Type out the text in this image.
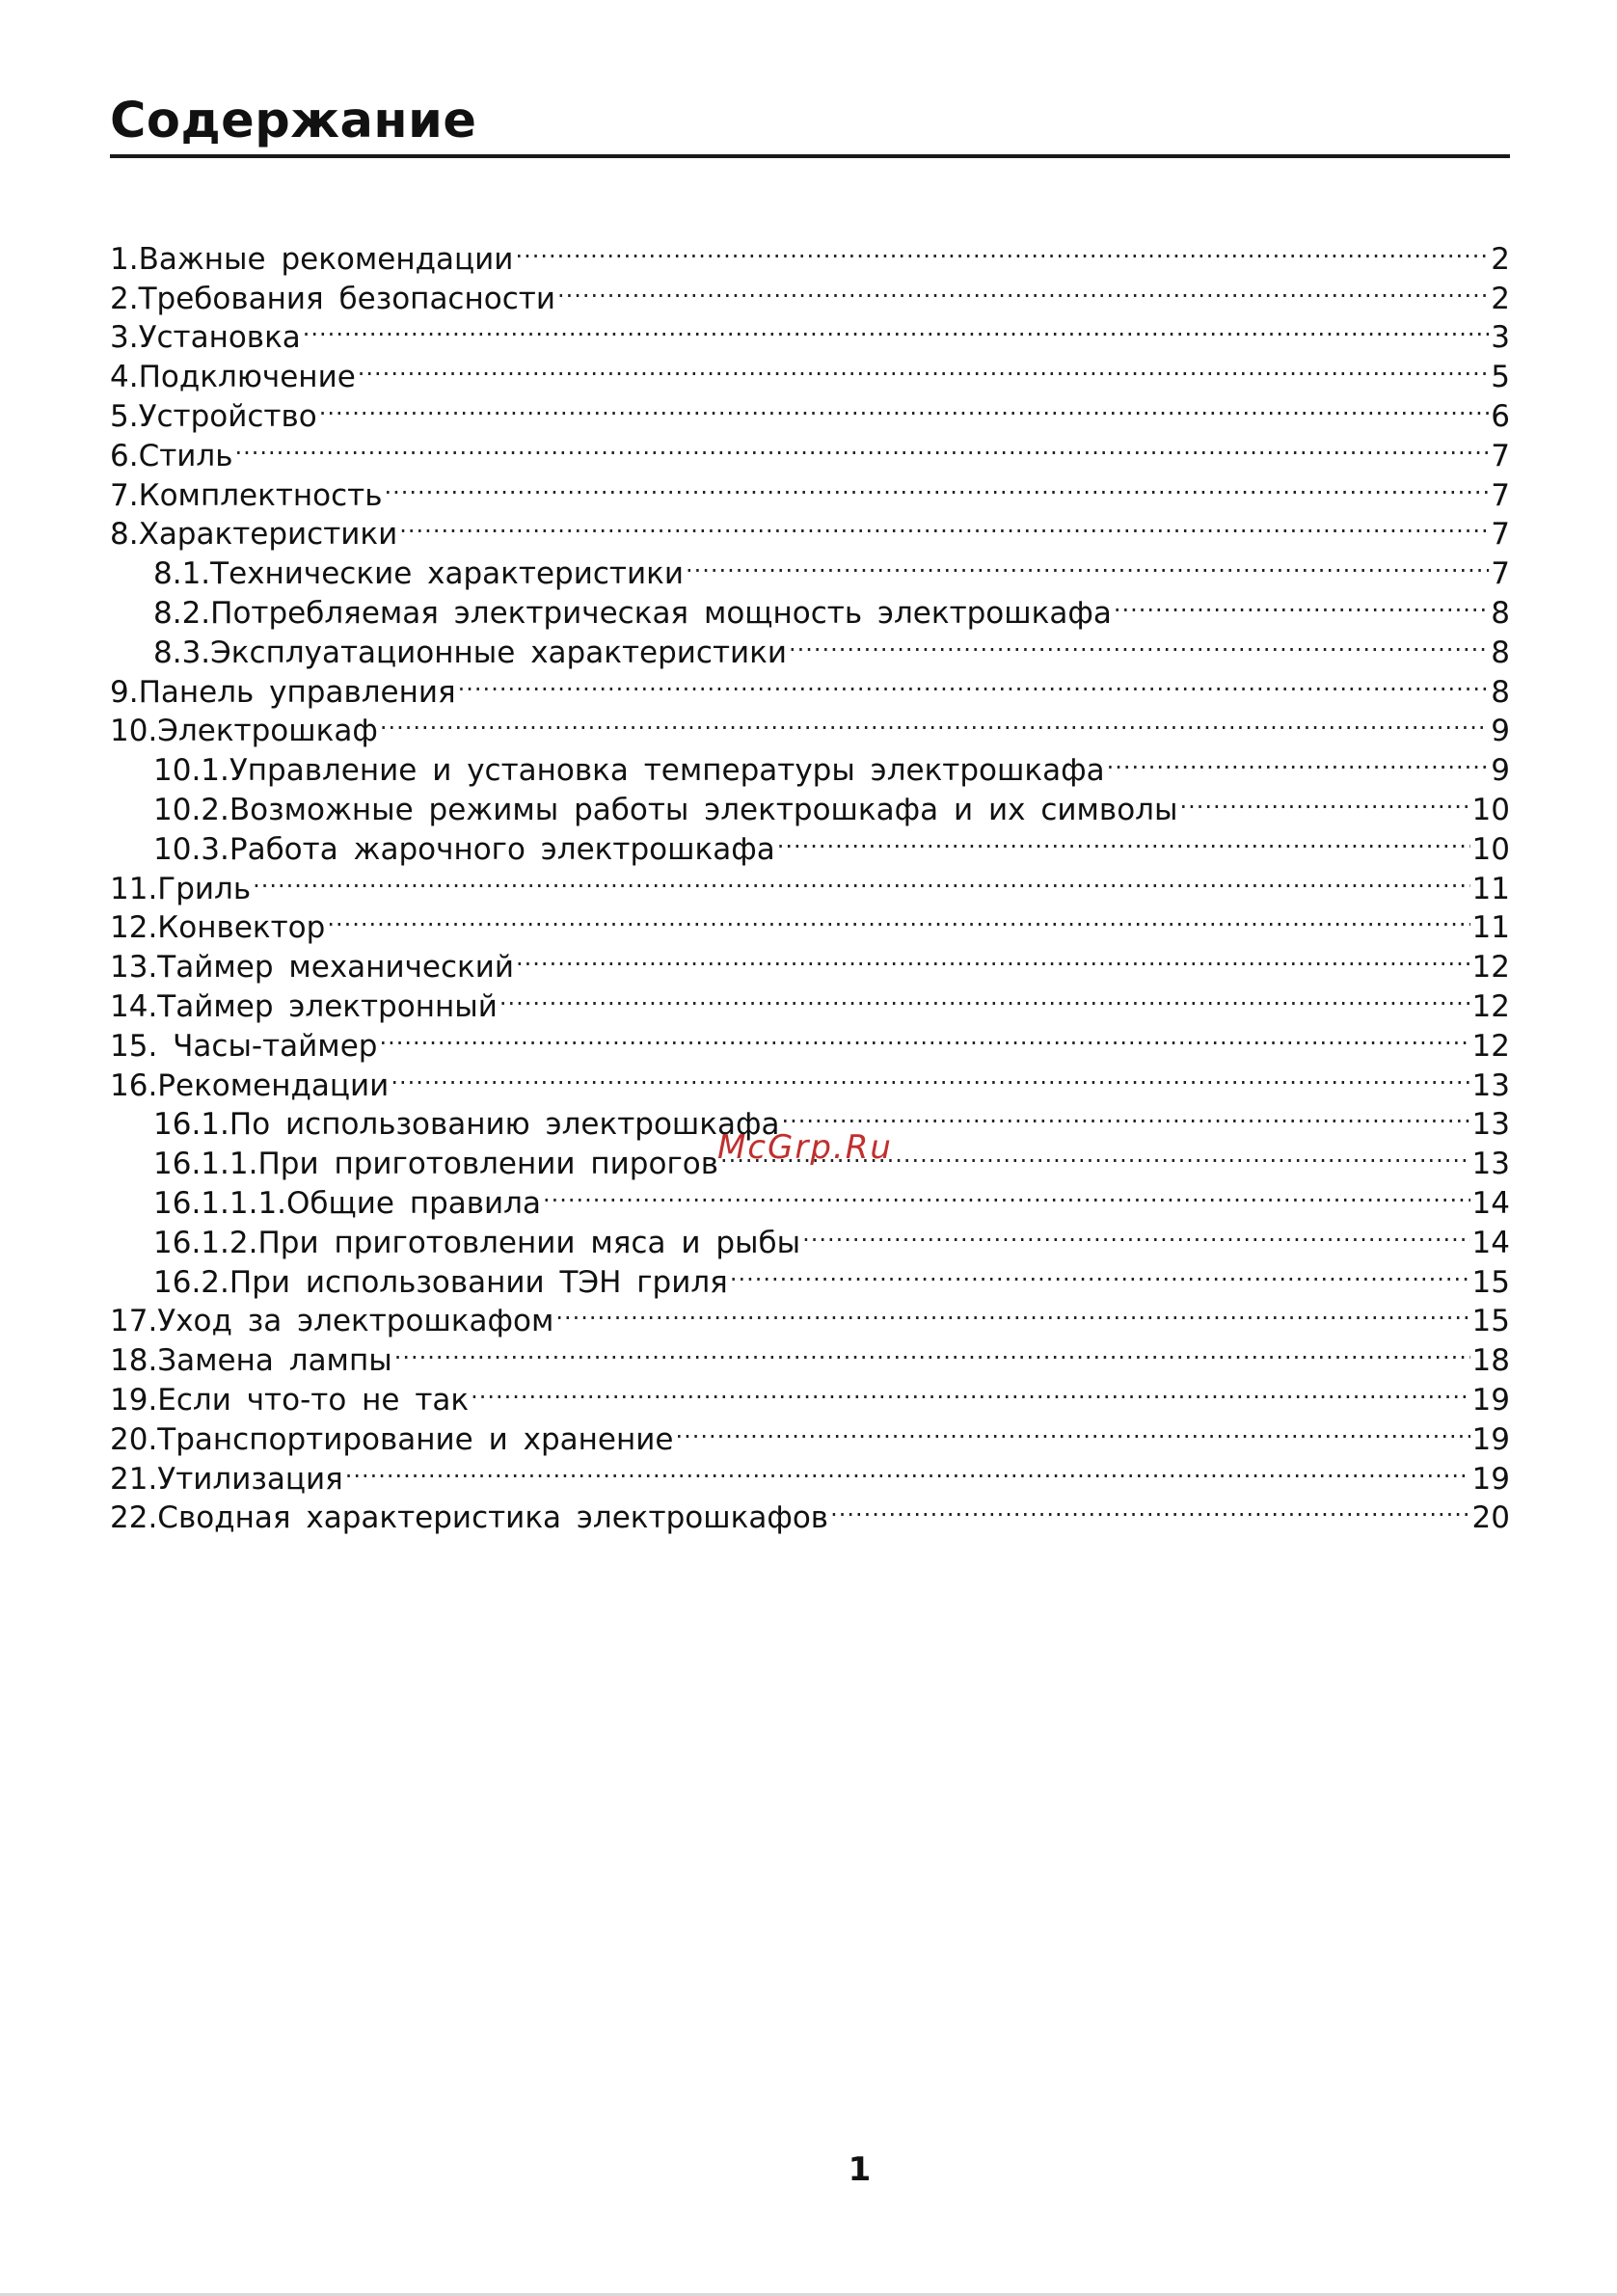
Содержание
1.Важные рекомендации .....	2
2.Требования безопасности .....	2
3.Установка .....	3
4.Подключение .....	5
5.Устройство .....	6
6.Стиль .....	7
7.Комплектность .....	7
8.Характеристики .....	7
8.1.Технические характеристики .....	7
8.2.Потребляемая электрическая мощность электрошкафа .....	8
8.3.Эксплуатационные характеристики .....	8
9.Панель управления .....	8
10.Электрошкаф .....	9
10.1.Управление и установка температуры электрошкафа .....	9
10.2.Возможные режимы работы электрошкафа и их символы .....	10
10.3.Работа жарочного электрошкафа .....	10
11.Гриль .....	11
12.Конвектор .....	11
13.Таймер механический .....	12
14.Таймер электронный .....	12
15. Часы-таймер .....	12
16.Рекомендации .....	13
16.1.По использованию электрошкафа .....	13
16.1.1.При приготовлении пирогов .....	13
16.1.1.1.Общие правила .....	14
16.1.2.При приготовлении мяса и рыбы .....	14
16.2.При использовании ТЭН гриля .....	15
17.Уход за электрошкафом .....	15
18.Замена лампы .....	18
19.Если что-то не так .....	19
20.Транспортирование и хранение .....	19
21.Утилизация .....	19
22.Сводная характеристика электрошкафов .....	20
McGrp.Ru
1
